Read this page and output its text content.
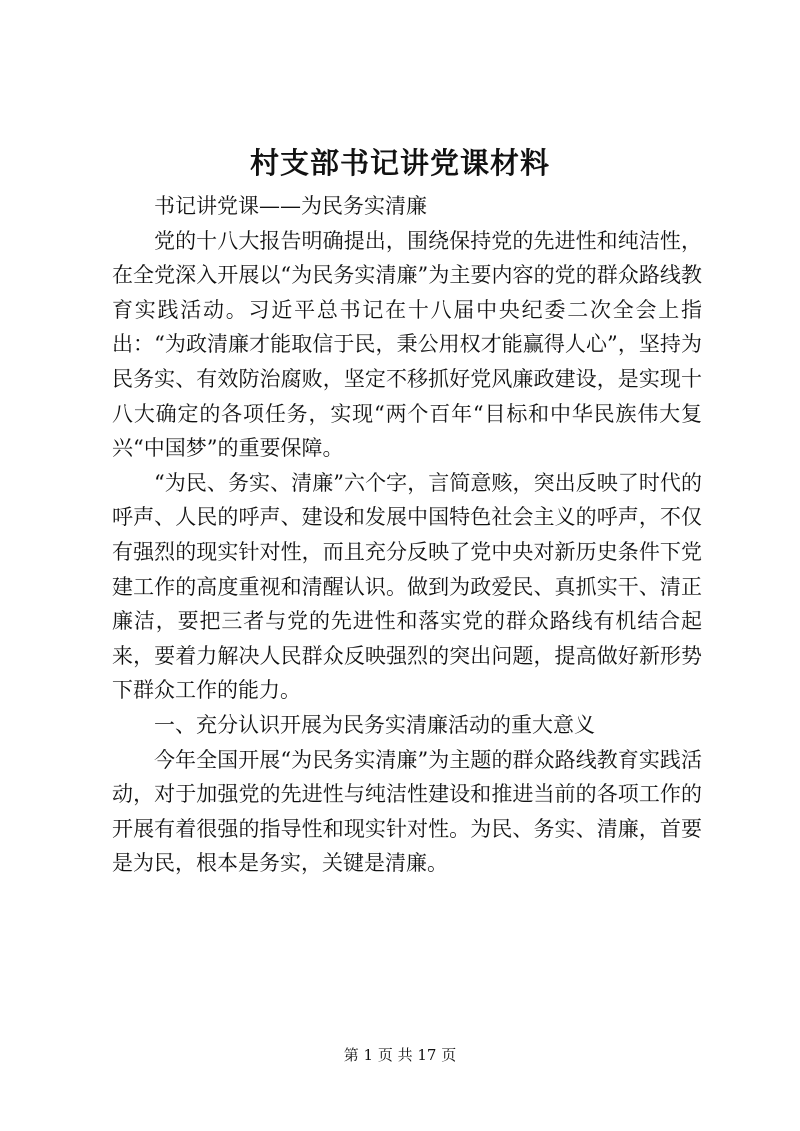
村支部书记讲党课材料

书记讲党课——为民务实清廉

党的十八大报告明确提出，围绕保持党的先进性和纯洁性，在全党深入开展以“为民务实清廉”为主要内容的党的群众路线教育实践活动。习近平总书记在十八届中央纪委二次全会上指出：“为政清廉才能取信于民，秉公用权才能赢得人心”，坚持为民务实、有效防治腐败，坚定不移抓好党风廉政建设，是实现十八大确定的各项任务，实现“两个百年“目标和中华民族伟大复兴“中国梦”的重要保障。

“为民、务实、清廉”六个字，言简意赅，突出反映了时代的呼声、人民的呼声、建设和发展中国特色社会主义的呼声，不仅有强烈的现实针对性，而且充分反映了党中央对新历史条件下党建工作的高度重视和清醒认识。做到为政爱民、真抓实干、清正廉洁，要把三者与党的先进性和落实党的群众路线有机结合起来，要着力解决人民群众反映强烈的突出问题，提高做好新形势下群众工作的能力。

一、充分认识开展为民务实清廉活动的重大意义

今年全国开展“为民务实清廉”为主题的群众路线教育实践活动，对于加强党的先进性与纯洁性建设和推进当前的各项工作的开展有着很强的指导性和现实针对性。为民、务实、清廉，首要是为民，根本是务实，关键是清廉。

第 1 页 共 17 页
